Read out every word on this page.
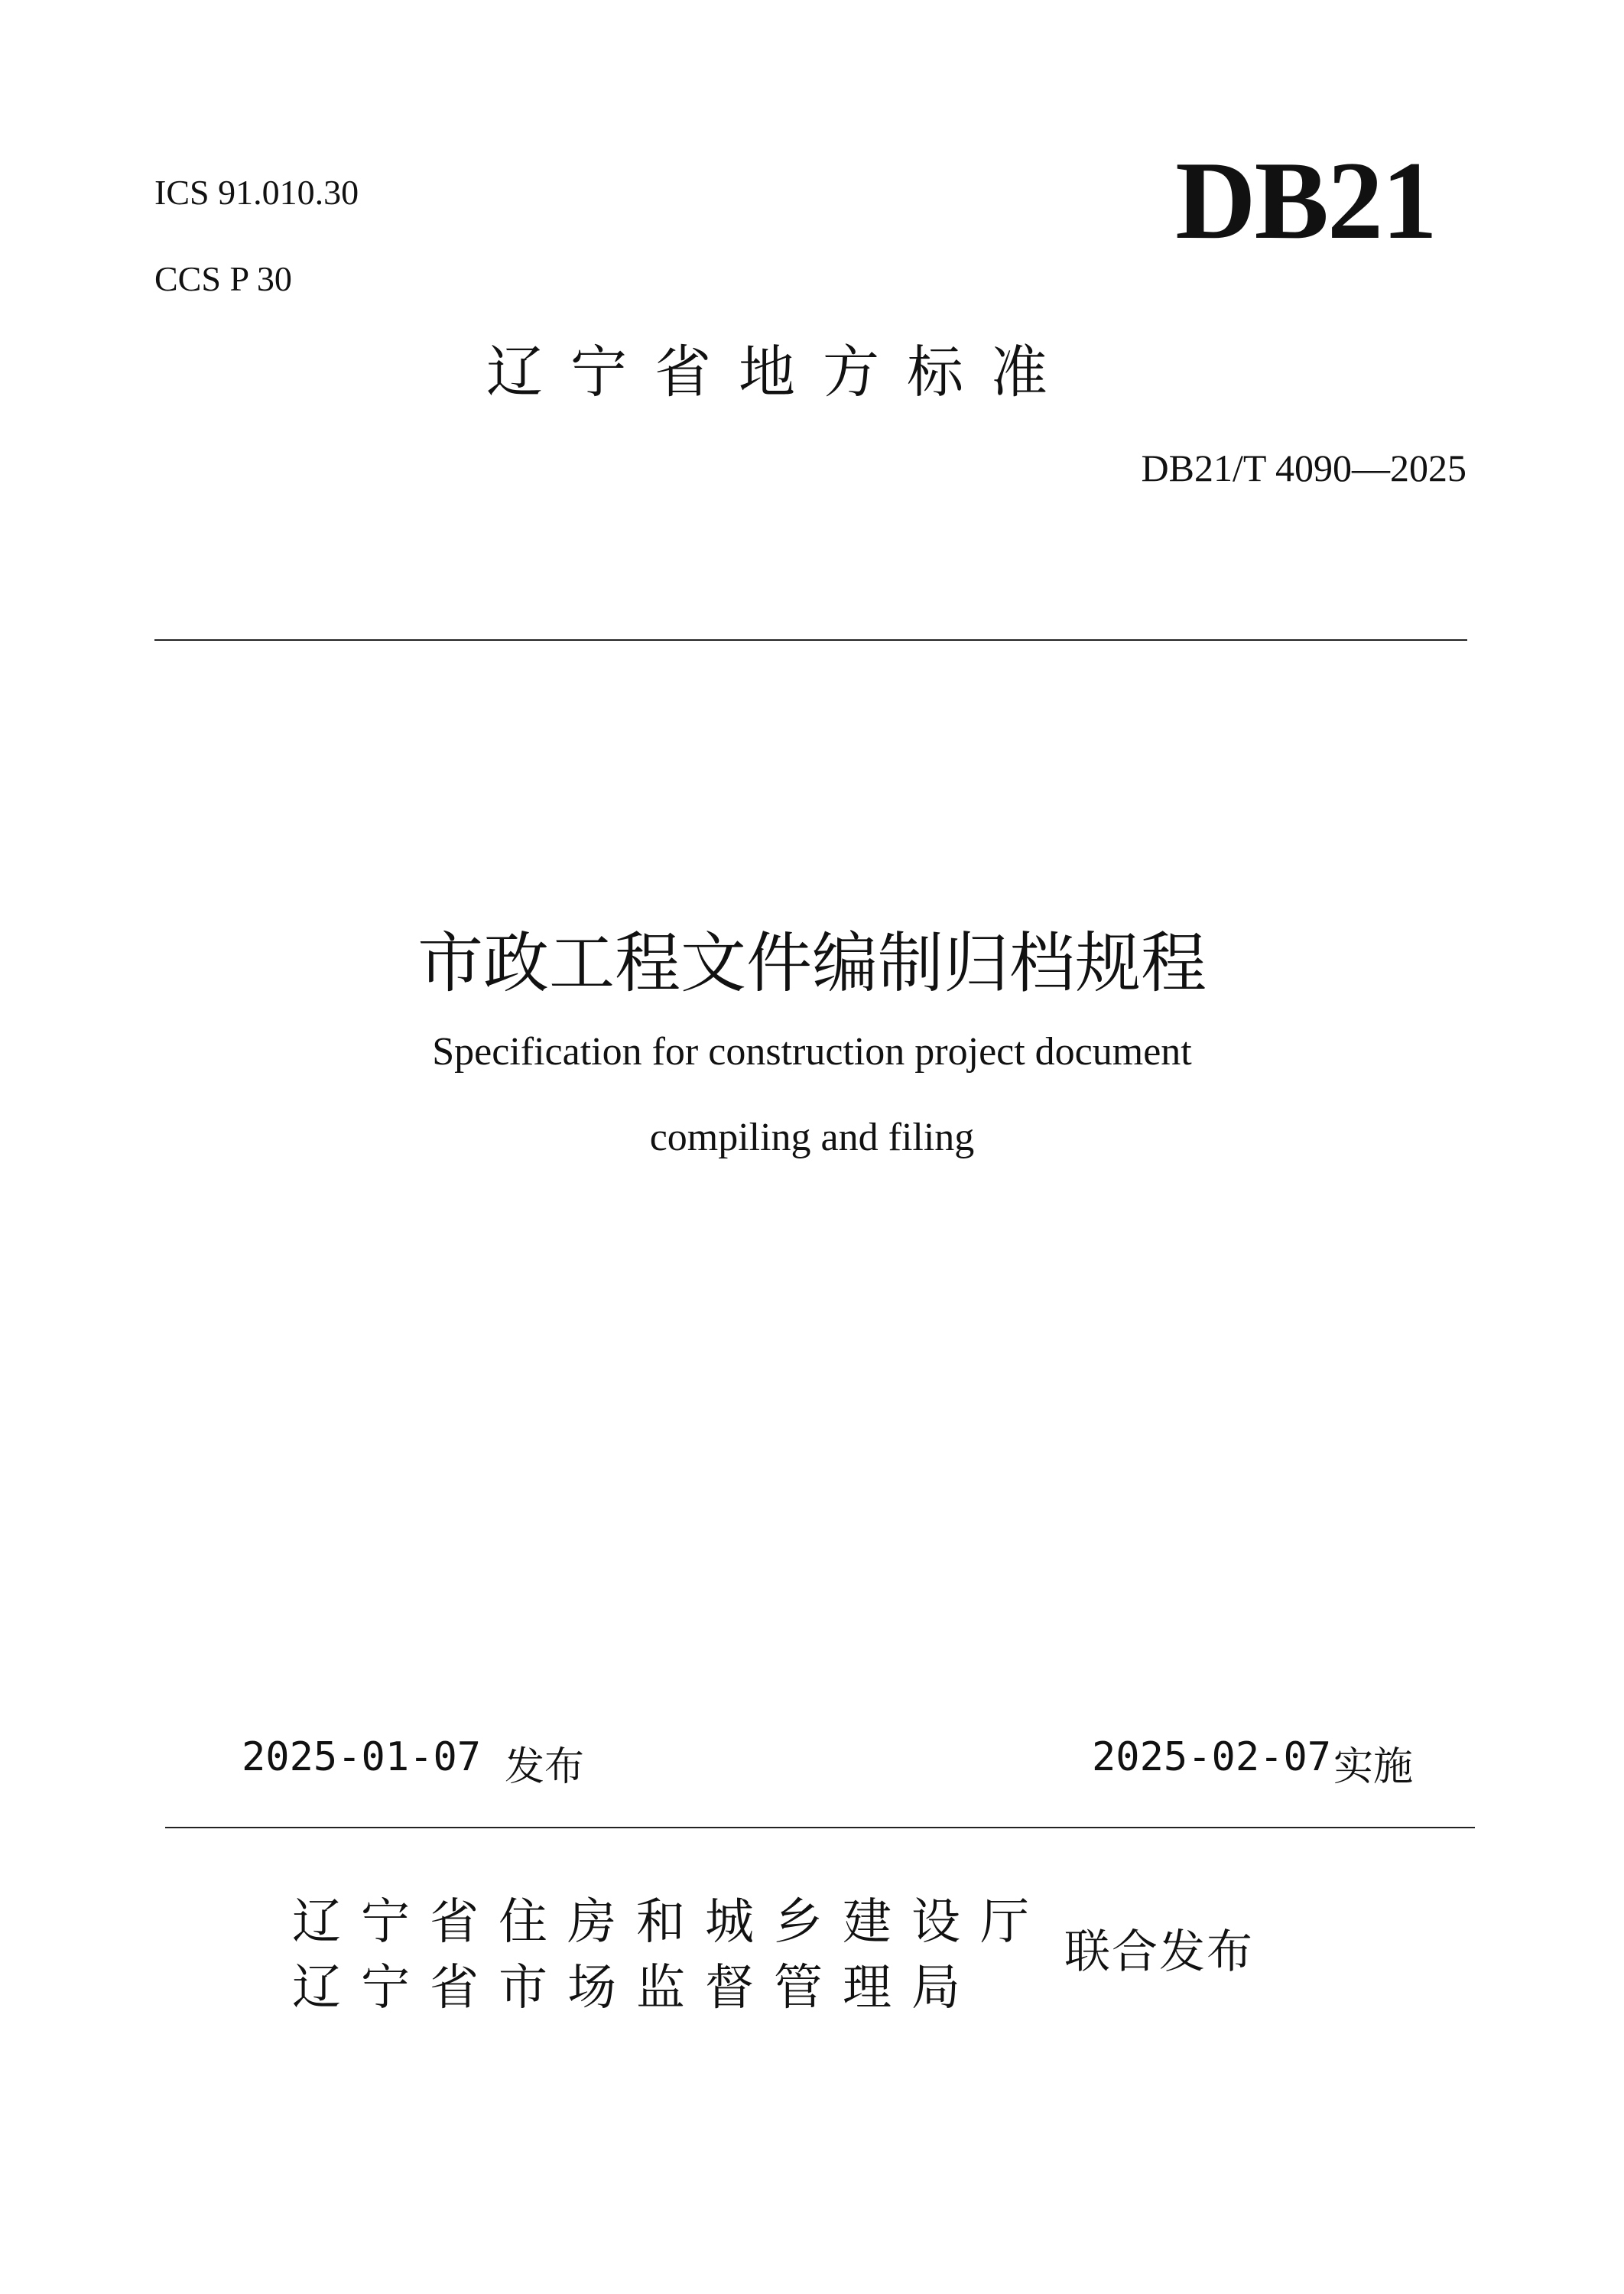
ICS 91.010.30

CCS P 30

DB21

辽宁省地方标准

DB21/T 4090—2025

市政工程文件编制归档规程

Specification for construction project document

compiling and filing

2025-01-07 发布	2025-02-07 实施

辽宁省住房和城乡建设厅

辽宁省市场监督管理局

联合发布
